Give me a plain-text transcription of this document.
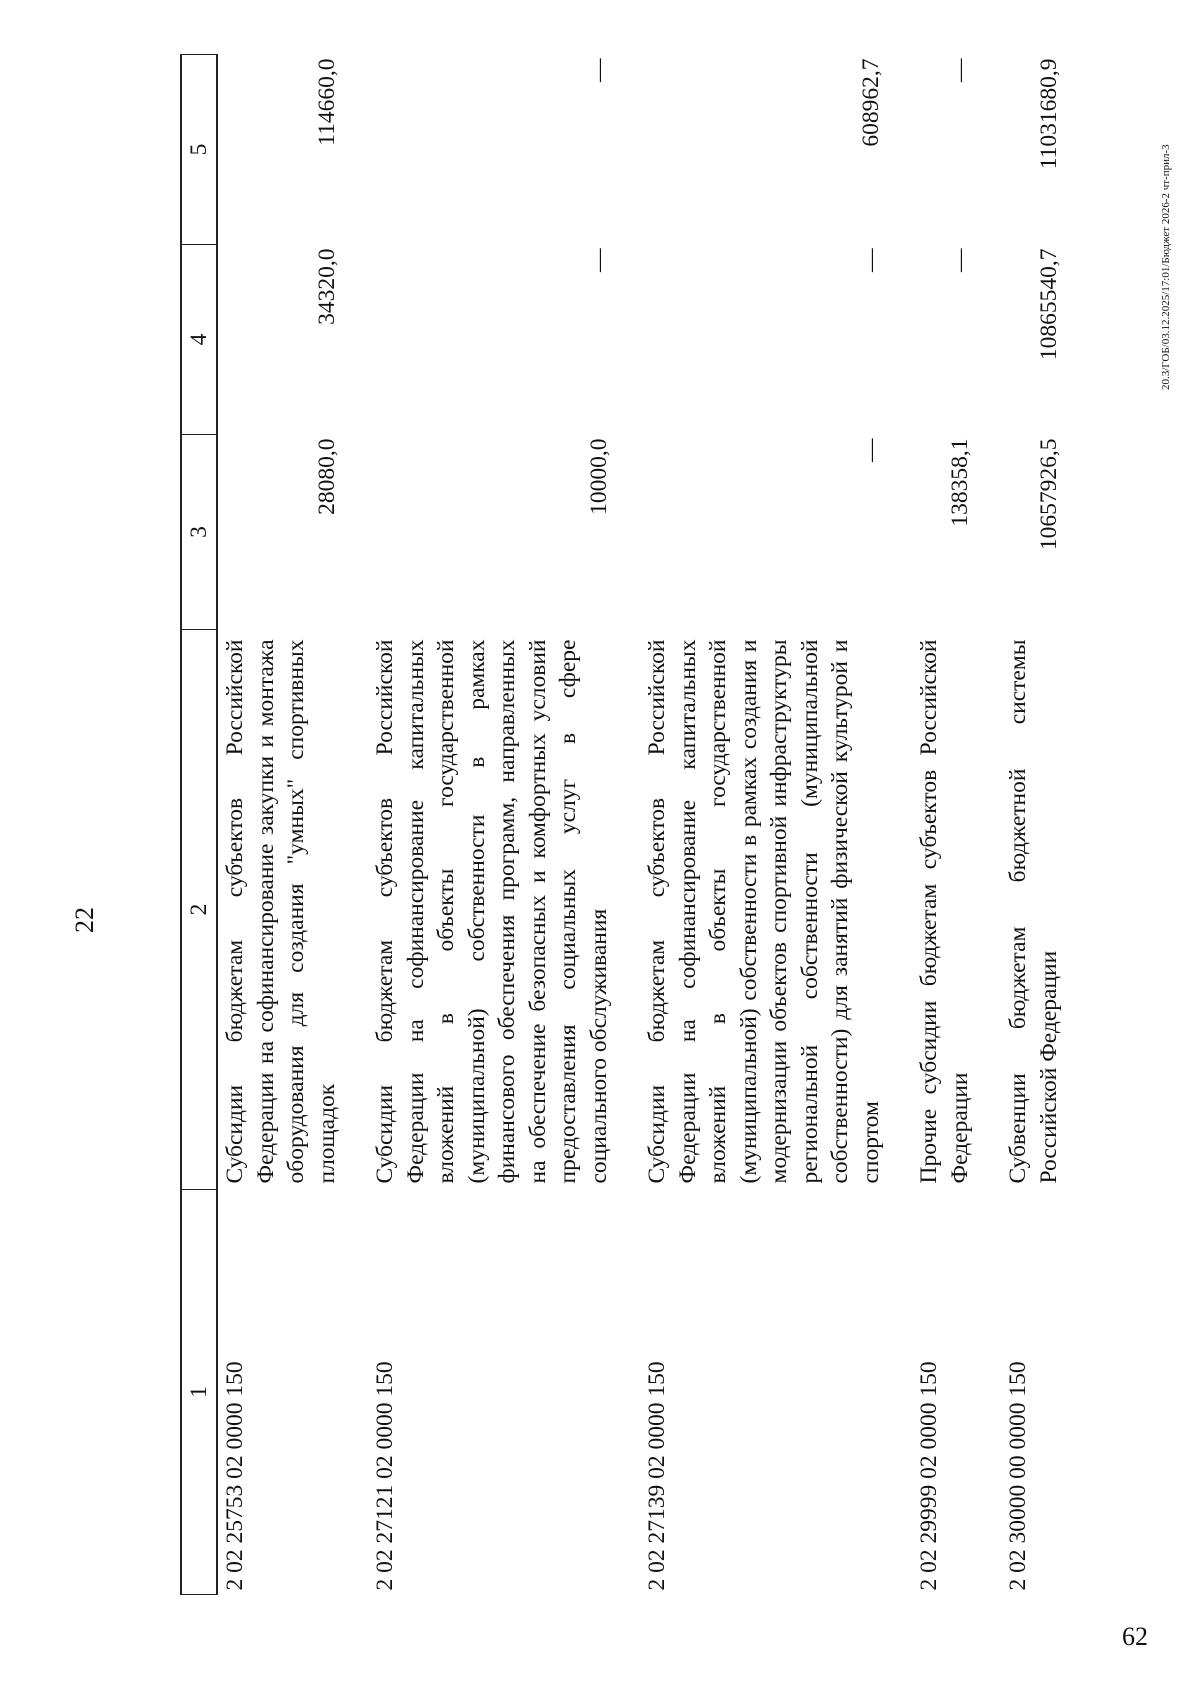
22
1	2	3	4	5
2 02 25753 02 0000 150	Субсидии бюджетам субъектов Российской Федерации на софинансирование закупки и монтажа оборудования для создания "умных" спортивных площадок	28080,0	34320,0	114660,0
2 02 27121 02 0000 150	Субсидии бюджетам субъектов Российской Федерации на софинансирование капитальных вложений в объекты государственной (муниципальной) собственности в рамках финансового обеспечения программ, направленных на обеспечение безопасных и комфортных условий предоставления социальных услуг в сфере социального обслуживания	10000,0	—	—
2 02 27139 02 0000 150	Субсидии бюджетам субъектов Российской Федерации на софинансирование капитальных вложений в объекты государственной (муниципальной) собственности в рамках создания и модернизации объектов спортивной инфраструктуры региональной собственности (муниципальной собственности) для занятий физической культурой и спортом	—	—	608962,7
2 02 29999 02 0000 150	Прочие субсидии бюджетам субъектов Российской Федерации	138358,1	—	—
2 02 30000 00 0000 150	Субвенции бюджетам бюджетной системы Российской Федерации	10657926,5	10865540,7	11031680,9
20.3/ГОБ/03.12.2025/17:01/Бюджет 2026-2 чт-прил-3
62
